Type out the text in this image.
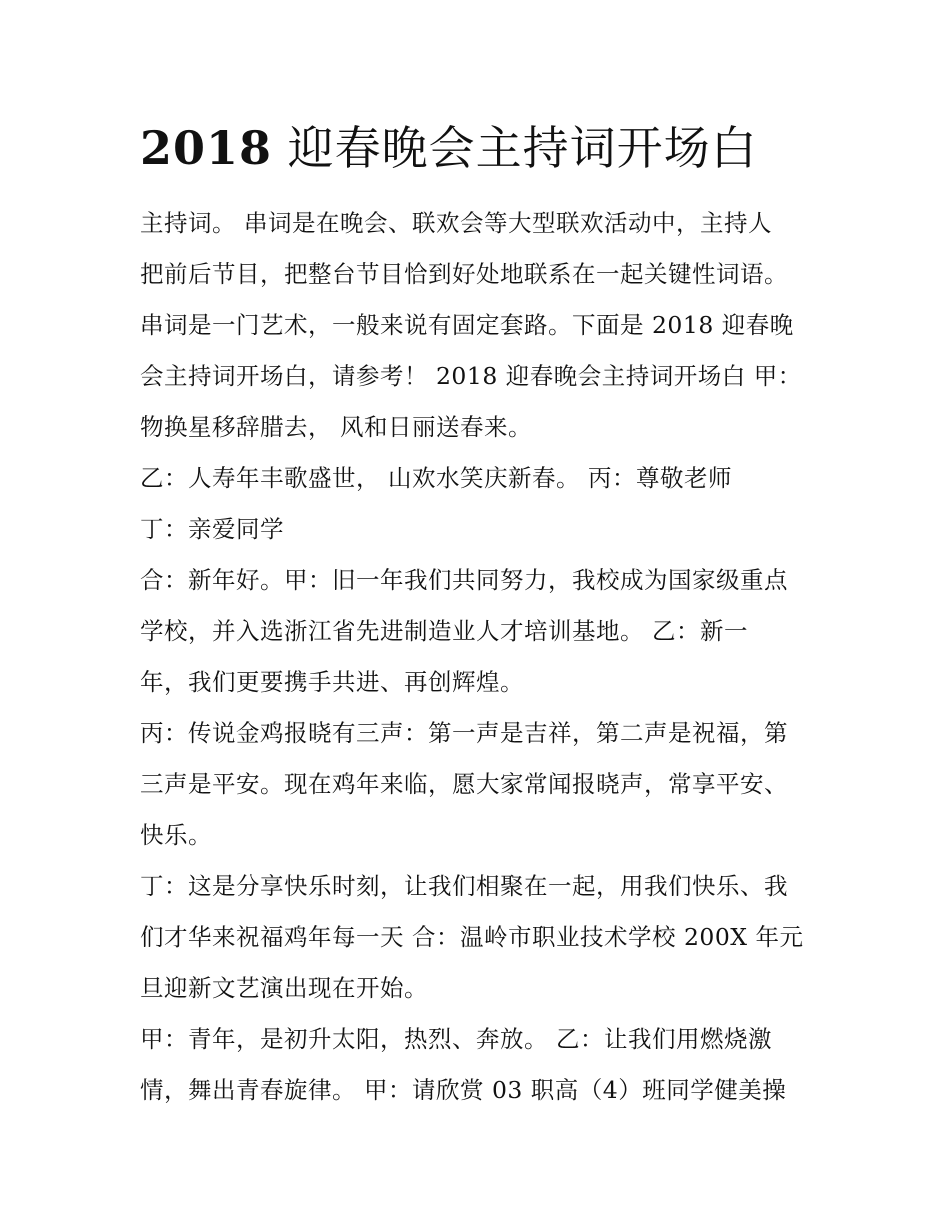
2018 迎春晚会主持词开场白
主持词。 串词是在晚会、联欢会等大型联欢活动中，主持人
把前后节目，把整台节目恰到好处地联系在一起关键性词语。
串词是一门艺术，一般来说有固定套路。下面是 2018 迎春晚
会主持词开场白，请参考！ 2018 迎春晚会主持词开场白 甲：
物换星移辞腊去， 风和日丽送春来。
乙：人寿年丰歌盛世， 山欢水笑庆新春。 丙：尊敬老师
丁：亲爱同学
合：新年好。甲：旧一年我们共同努力，我校成为国家级重点
学校，并入选浙江省先进制造业人才培训基地。 乙：新一
年，我们更要携手共进、再创辉煌。
丙：传说金鸡报晓有三声：第一声是吉祥，第二声是祝福，第
三声是平安。现在鸡年来临，愿大家常闻报晓声，常享平安、
快乐。
丁：这是分享快乐时刻，让我们相聚在一起，用我们快乐、我
们才华来祝福鸡年每一天 合：温岭市职业技术学校 200X 年元
旦迎新文艺演出现在开始。
甲：青年，是初升太阳，热烈、奔放。 乙：让我们用燃烧激
情，舞出青春旋律。 甲：请欣赏 03 职高（4）班同学健美操
